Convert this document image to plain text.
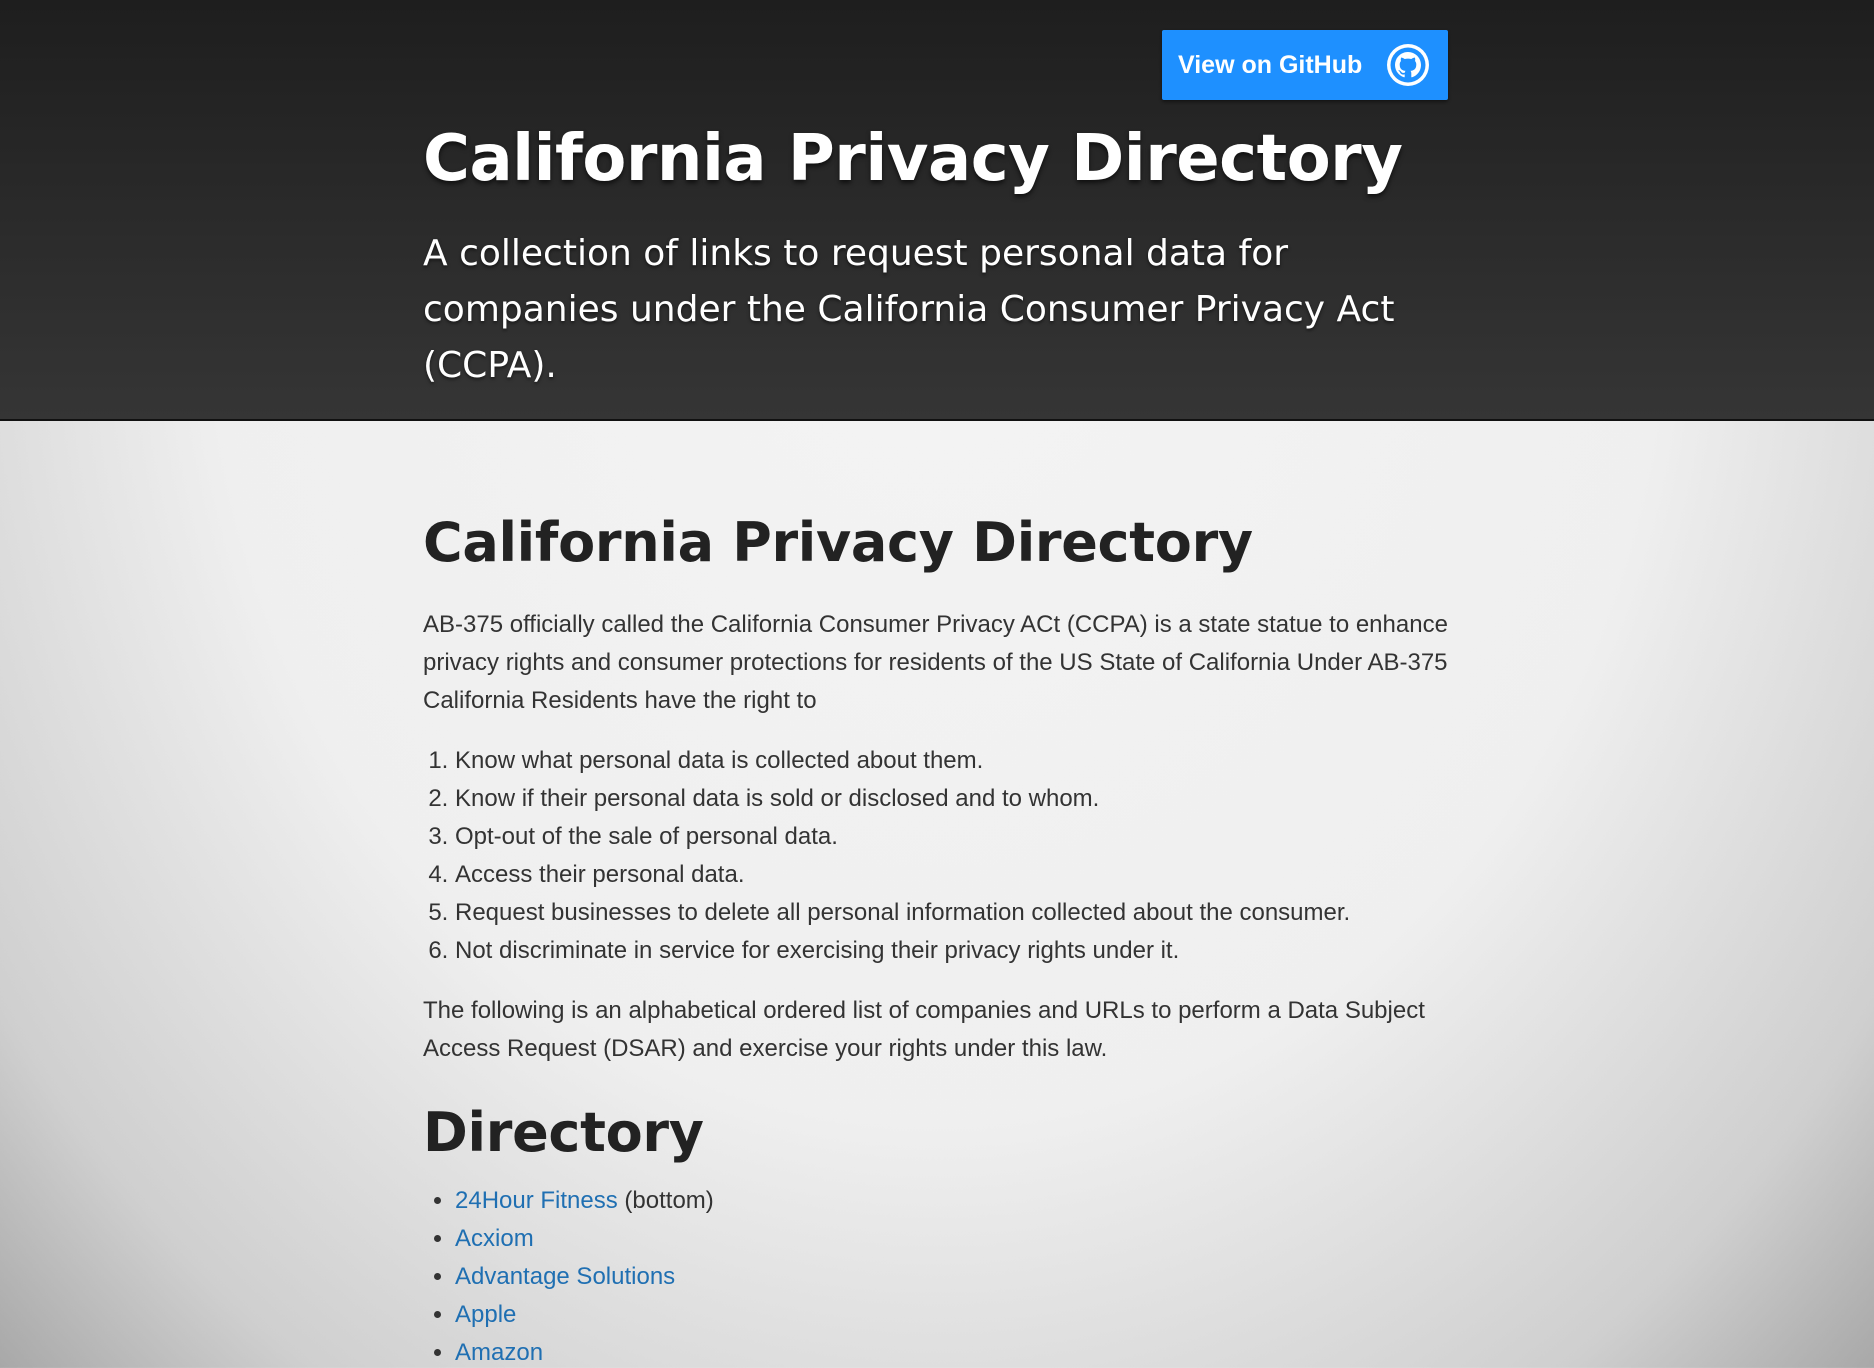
View on GitHub
California Privacy Directory

A collection of links to request personal data for companies under the California Consumer Privacy Act (CCPA).

California Privacy Directory

AB-375 officially called the California Consumer Privacy ACt (CCPA) is a state statue to enhance privacy rights and consumer protections for residents of the US State of California Under AB-375 California Residents have the right to

1. Know what personal data is collected about them.
2. Know if their personal data is sold or disclosed and to whom.
3. Opt-out of the sale of personal data.
4. Access their personal data.
5. Request businesses to delete all personal information collected about the consumer.
6. Not discriminate in service for exercising their privacy rights under it.

The following is an alphabetical ordered list of companies and URLs to perform a Data Subject Access Request (DSAR) and exercise your rights under this law.

Directory
• 24Hour Fitness (bottom)
• Acxiom
• Advantage Solutions
• Apple
• Amazon
